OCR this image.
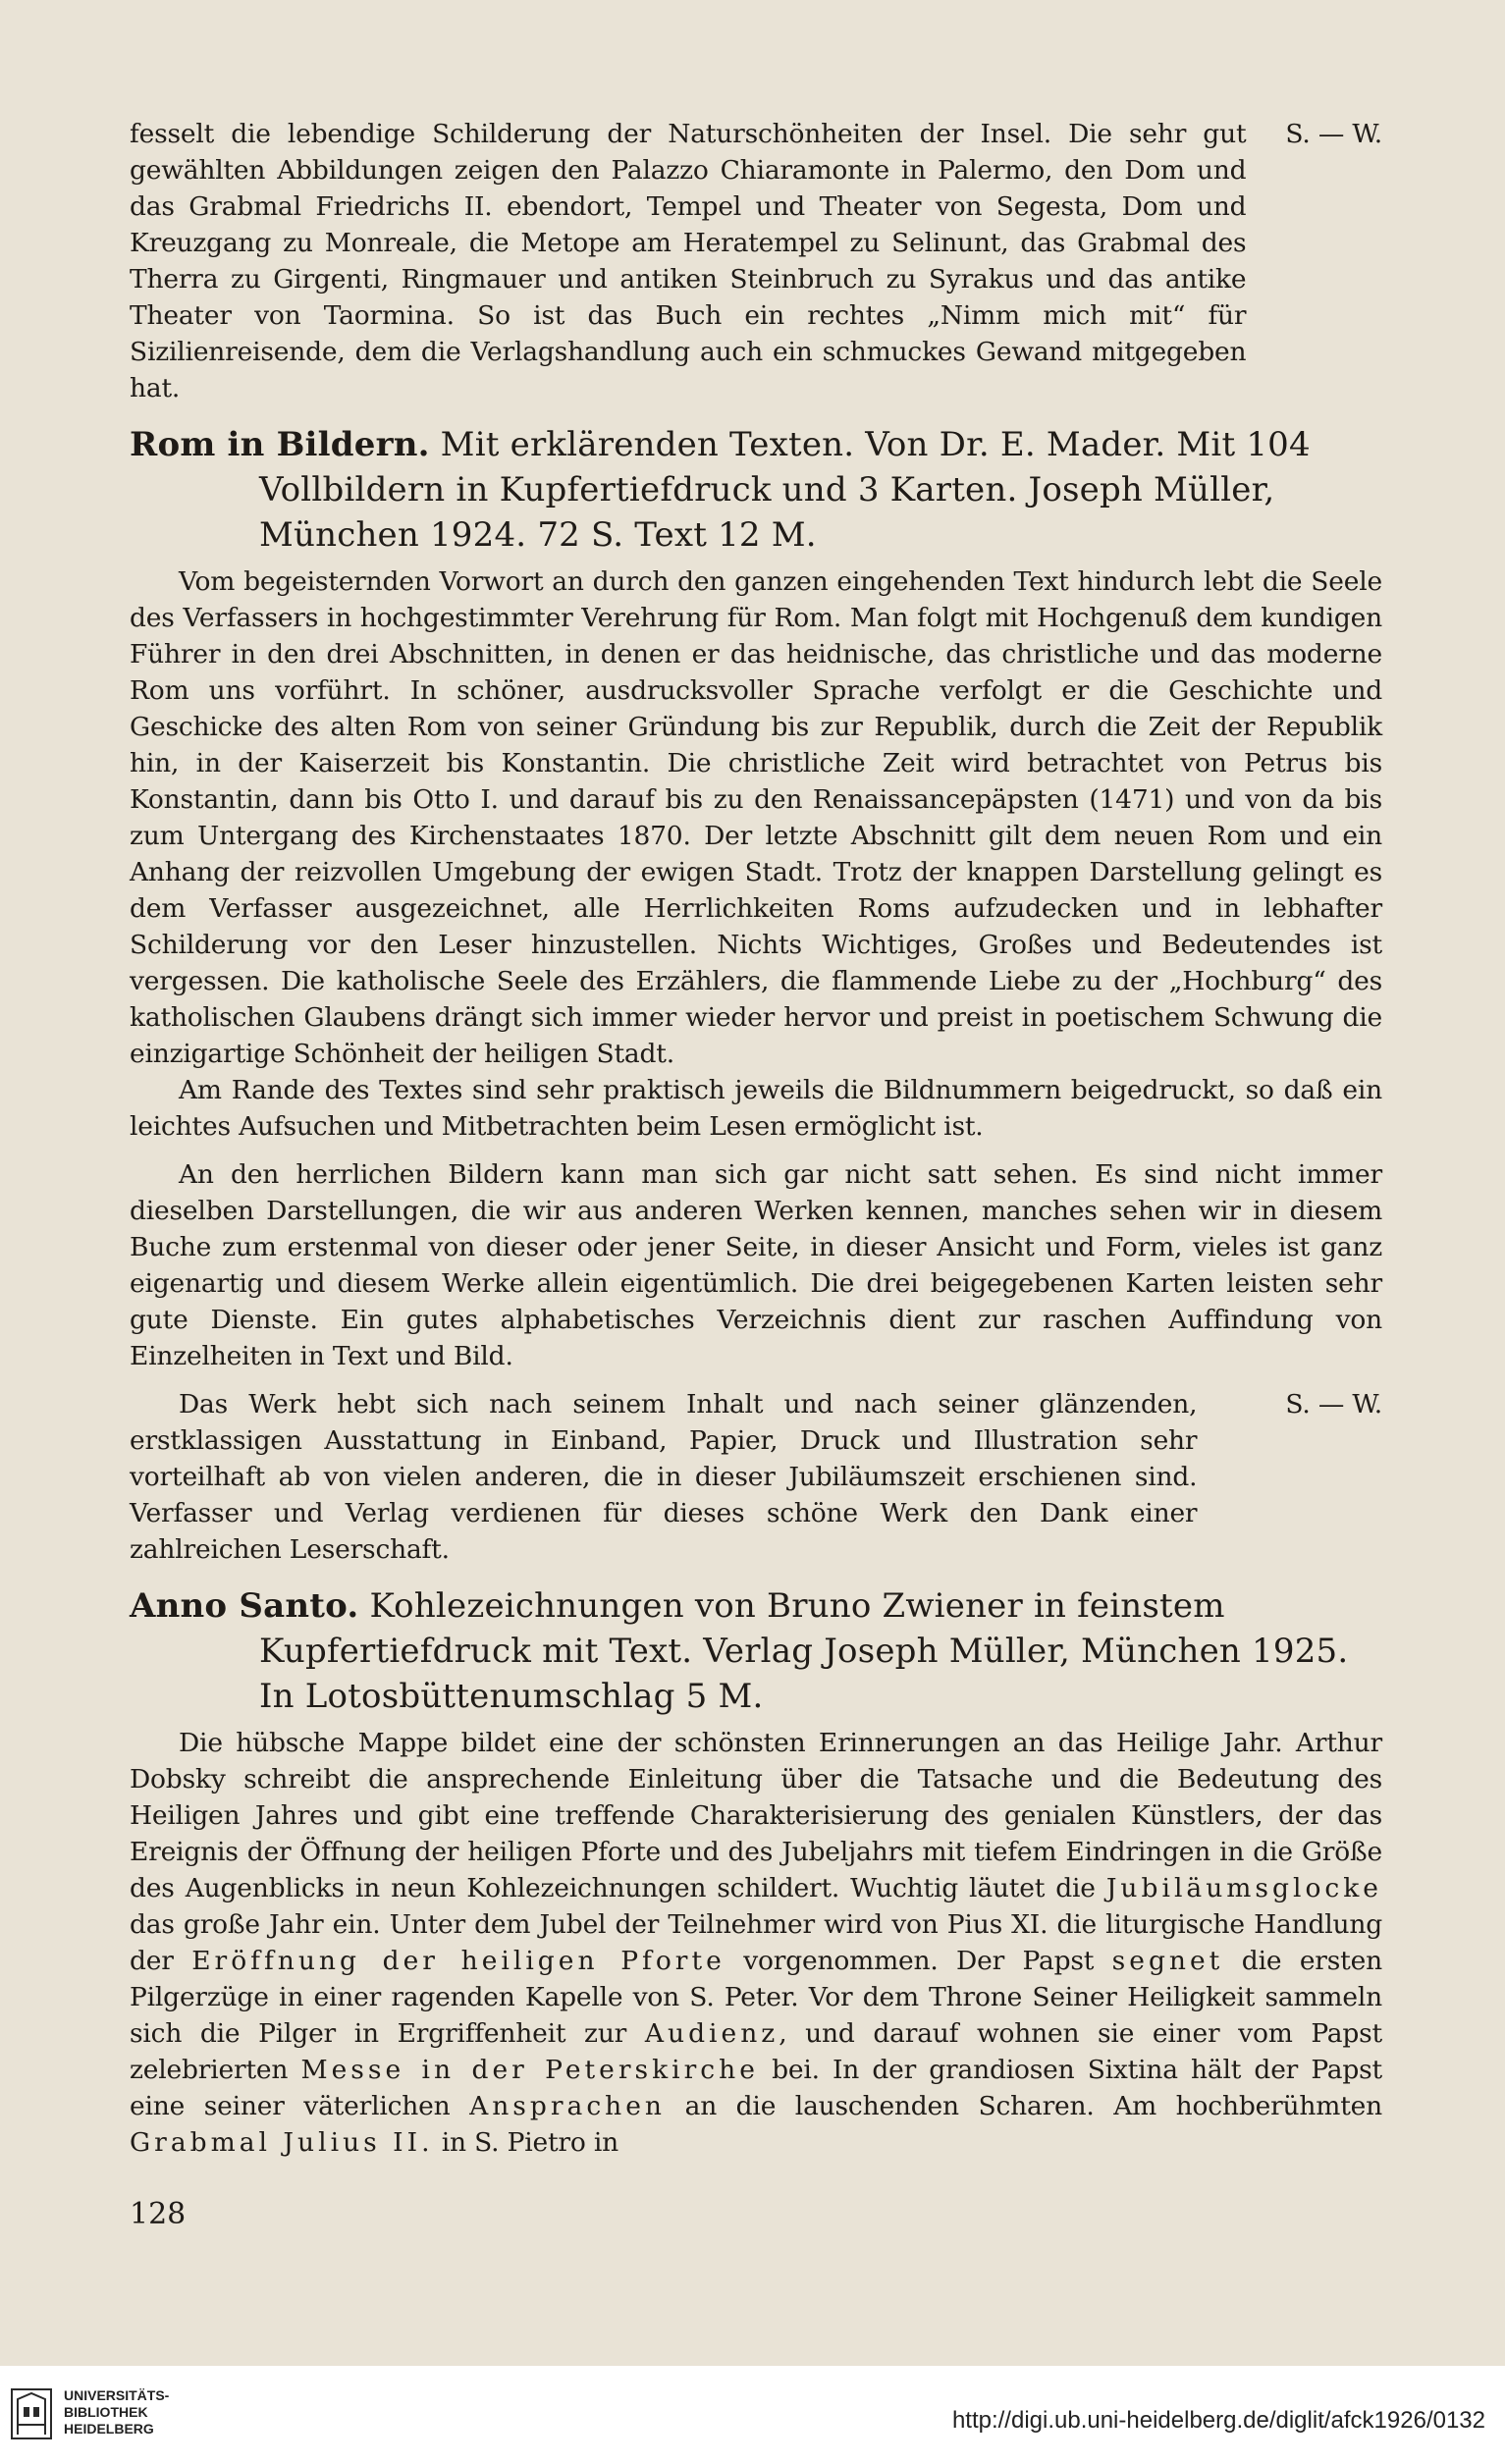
fesselt die lebendige Schilderung der Naturschönheiten der Insel. Die sehr gut gewählten Abbildungen zeigen den Palazzo Chiaramonte in Palermo, den Dom und das Grabmal Friedrichs II. ebendort, Tempel und Theater von Segesta, Dom und Kreuzgang zu Monreale, die Metope am Heratempel zu Selinunt, das Grabmal des Therra zu Girgenti, Ringmauer und antiken Steinbruch zu Syrakus und das antike Theater von Taormina. So ist das Buch ein rechtes „Nimm mich mit“ für Sizilienreisende, dem die Verlagshandlung auch ein schmuckes Gewand mitgegeben hat.
S. — W.

Rom in Bildern. Mit erklärenden Texten. Von Dr. E. Mader. Mit 104 Vollbildern in Kupfertiefdruck und 3 Karten. Joseph Müller, München 1924. 72 S. Text 12 M.

Vom begeisternden Vorwort an durch den ganzen eingehenden Text hindurch lebt die Seele des Verfassers in hochgestimmter Verehrung für Rom. Man folgt mit Hochgenuß dem kundigen Führer in den drei Abschnitten, in denen er das heidnische, das christliche und das moderne Rom uns vorführt. In schöner, ausdrucksvoller Sprache verfolgt er die Geschichte und Geschicke des alten Rom von seiner Gründung bis zur Republik, durch die Zeit der Republik hin, in der Kaiserzeit bis Konstantin. Die christliche Zeit wird betrachtet von Petrus bis Konstantin, dann bis Otto I. und darauf bis zu den Renaissancepäpsten (1471) und von da bis zum Untergang des Kirchenstaates 1870. Der letzte Abschnitt gilt dem neuen Rom und ein Anhang der reizvollen Umgebung der ewigen Stadt. Trotz der knappen Darstellung gelingt es dem Verfasser ausgezeichnet, alle Herrlichkeiten Roms aufzudecken und in lebhafter Schilderung vor den Leser hinzustellen. Nichts Wichtiges, Großes und Bedeutendes ist vergessen. Die katholische Seele des Erzählers, die flammende Liebe zu der „Hochburg“ des katholischen Glaubens drängt sich immer wieder hervor und preist in poetischem Schwung die einzigartige Schönheit der heiligen Stadt.

Am Rande des Textes sind sehr praktisch jeweils die Bildnummern beigedruckt, so daß ein leichtes Aufsuchen und Mitbetrachten beim Lesen ermöglicht ist.

An den herrlichen Bildern kann man sich gar nicht satt sehen. Es sind nicht immer dieselben Darstellungen, die wir aus anderen Werken kennen, manches sehen wir in diesem Buche zum erstenmal von dieser oder jener Seite, in dieser Ansicht und Form, vieles ist ganz eigenartig und diesem Werke allein eigentümlich. Die drei beigegebenen Karten leisten sehr gute Dienste. Ein gutes alphabetisches Verzeichnis dient zur raschen Auffindung von Einzelheiten in Text und Bild.

Das Werk hebt sich nach seinem Inhalt und nach seiner glänzenden, erstklassigen Ausstattung in Einband, Papier, Druck und Illustration sehr vorteilhaft ab von vielen anderen, die in dieser Jubiläumszeit erschienen sind. Verfasser und Verlag verdienen für dieses schöne Werk den Dank einer zahlreichen Leserschaft.
S. — W.

Anno Santo. Kohlezeichnungen von Bruno Zwiener in feinstem Kupfertiefdruck mit Text. Verlag Joseph Müller, München 1925. In Lotosbüttenumschlag 5 M.

Die hübsche Mappe bildet eine der schönsten Erinnerungen an das Heilige Jahr. Arthur Dobsky schreibt die ansprechende Einleitung über die Tatsache und die Bedeutung des Heiligen Jahres und gibt eine treffende Charakterisierung des genialen Künstlers, der das Ereignis der Öffnung der heiligen Pforte und des Jubeljahrs mit tiefem Eindringen in die Größe des Augenblicks in neun Kohlezeichnungen schildert. Wuchtig läutet die Jubiläumsglocke das große Jahr ein. Unter dem Jubel der Teilnehmer wird von Pius XI. die liturgische Handlung der Eröffnung der heiligen Pforte vorgenommen. Der Papst segnet die ersten Pilgerzüge in einer ragenden Kapelle von S. Peter. Vor dem Throne Seiner Heiligkeit sammeln sich die Pilger in Ergriffenheit zur Audienz, und darauf wohnen sie einer vom Papst zelebrierten Messe in der Peterskirche bei. In der grandiosen Sixtina hält der Papst eine seiner väterlichen Ansprachen an die lauschenden Scharen. Am hochberühmten Grabmal Julius II. in S. Pietro in

128
UNIVERSITÄTS-
BIBLIOTHEK
HEIDELBERG	http://digi.ub.uni-heidelberg.de/diglit/afck1926/0132
